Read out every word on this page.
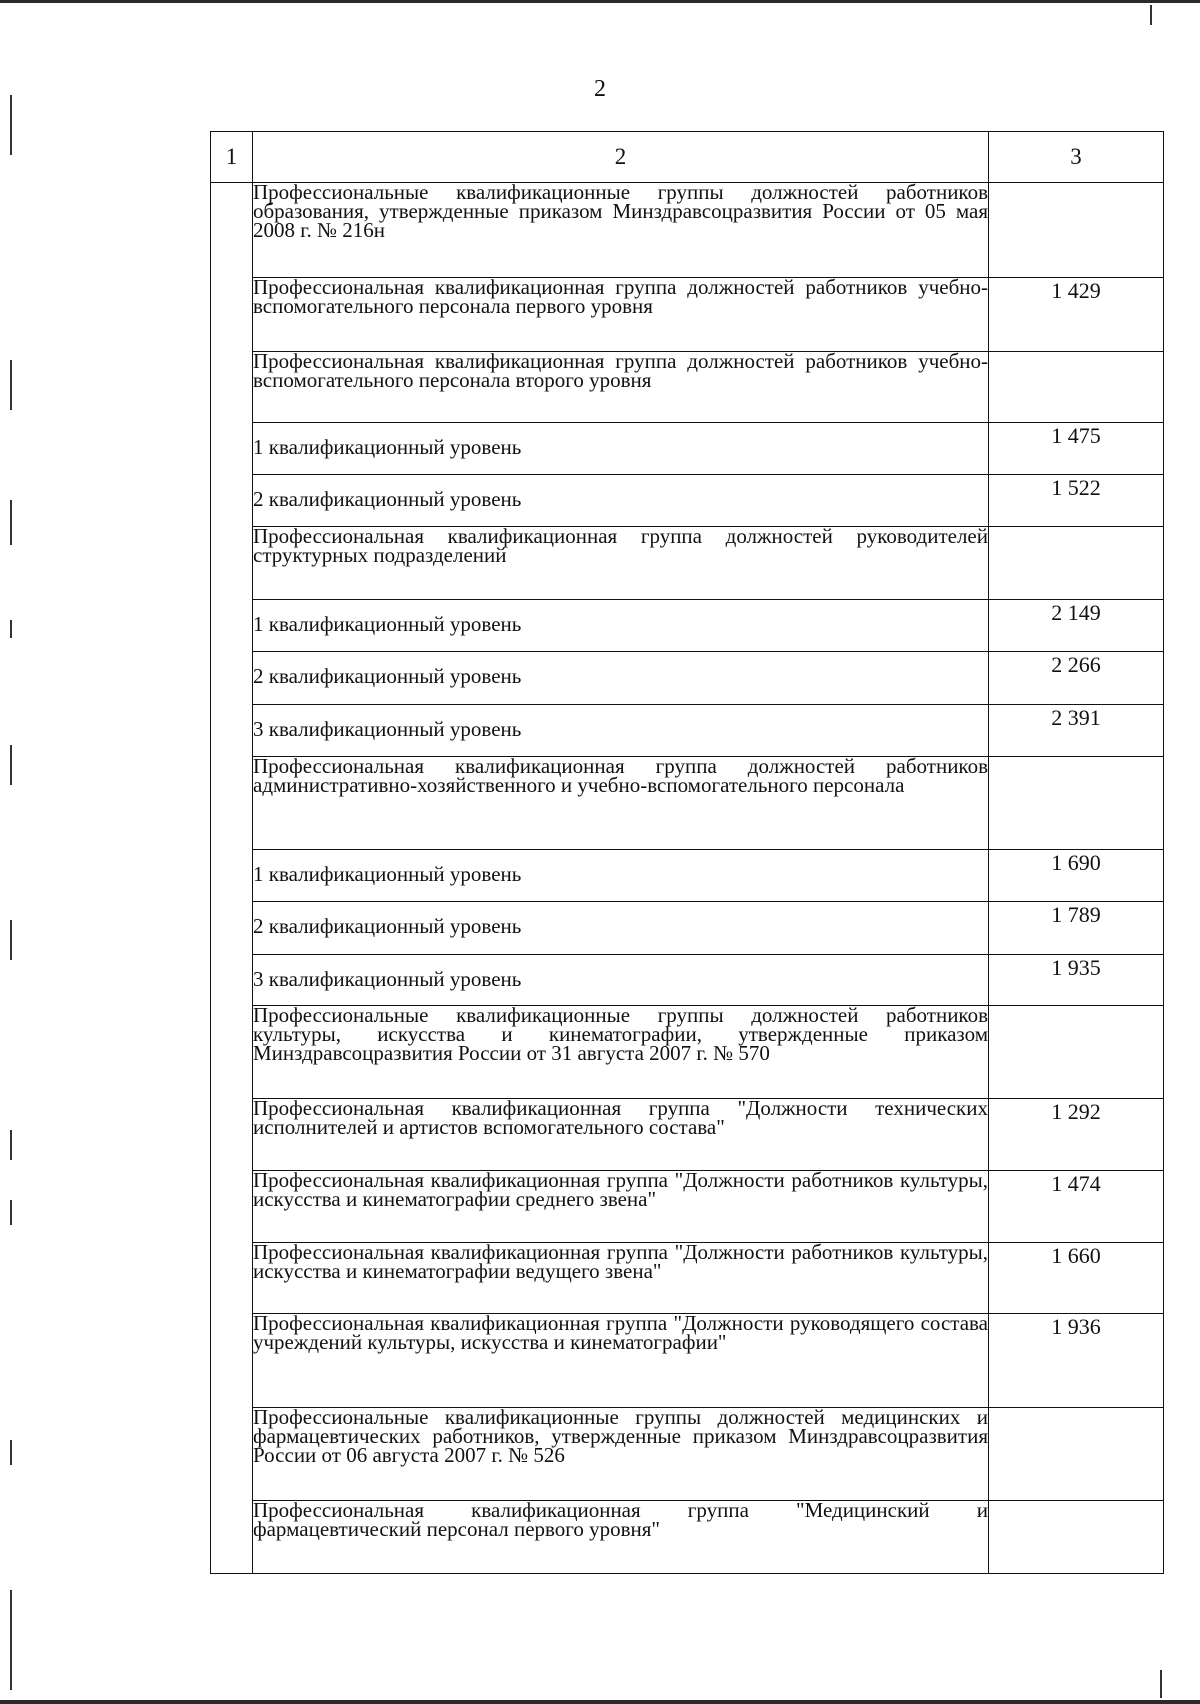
2
1	2	3
	Профессиональные квалификационные группы должностей работников образования, утвержденные приказом Минздравсоцразвития России от 05 мая 2008 г. № 216н	
	Профессиональная квалификационная группа должностей работников учебно-вспомогательного персонала первого уровня	1 429
	Профессиональная квалификационная группа должностей работников учебно-вспомогательного персонала второго уровня	
	1 квалификационный уровень	1 475
	2 квалификационный уровень	1 522
	Профессиональная квалификационная группа должностей руководителей структурных подразделений	
	1 квалификационный уровень	2 149
	2 квалификационный уровень	2 266
	3 квалификационный уровень	2 391
	Профессиональная квалификационная группа должностей работников административно-хозяйственного и учебно-вспомогательного персонала	
	1 квалификационный уровень	1 690
	2 квалификационный уровень	1 789
	3 квалификационный уровень	1 935
	Профессиональные квалификационные группы должностей работников культуры, искусства и кинематографии, утвержденные приказом Минздравсоцразвития России от 31 августа 2007 г. № 570	
	Профессиональная квалификационная группа "Должности технических исполнителей и артистов вспомогательного состава"	1 292
	Профессиональная квалификационная группа "Должности работников культуры, искусства и кинематографии среднего звена"	1 474
	Профессиональная квалификационная группа "Должности работников культуры, искусства и кинематографии ведущего звена"	1 660
	Профессиональная квалификационная группа "Должности руководящего состава учреждений культуры, искусства и кинематографии"	1 936
	Профессиональные квалификационные группы должностей медицинских и фармацевтических работников, утвержденные приказом Минздравсоцразвития России от 06 августа 2007 г. № 526	
	Профессиональная квалификационная группа "Медицинский и фармацевтический персонал первого уровня"	
